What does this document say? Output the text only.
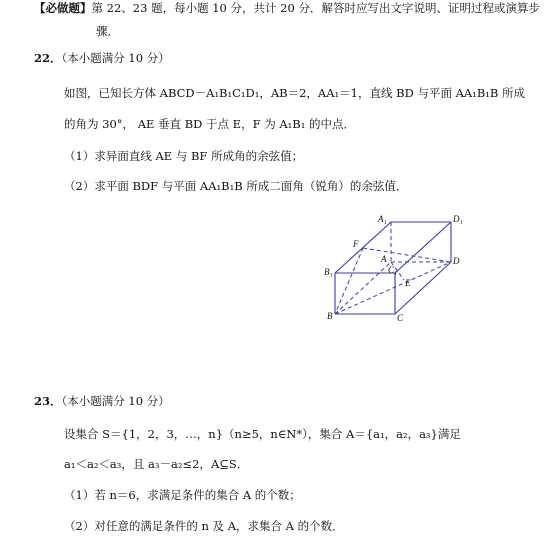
【必做题】第 22、23 题，每小题 10 分，共计 20 分．解答时应写出文字说明、证明过程或演算步
骤．
22．（本小题满分 10 分）
如图，已知长方体 ABCD－A₁B₁C₁D₁，AB＝2，AA₁＝1，直线 BD 与平面 AA₁B₁B 所成
的角为 30°， AE 垂直 BD 于点 E，F 为 A₁B₁ 的中点．
（1）求异面直线 AE 与 BF 所成角的余弦值；
（2）求平面 BDF 与平面 AA₁B₁B 所成二面角（锐角）的余弦值．
A₁	D₁
F
A
C₁
D
B₁
E
B	C
23．（本小题满分 10 分）
设集合 S＝{1，2，3，…，n}（n≥5，n∈N*），集合 A＝{a₁，a₂，a₃}满足
a₁＜a₂＜a₃，且 a₃－a₂≤2，A⊆S．
（1）若 n＝6，求满足条件的集合 A 的个数；
（2）对任意的满足条件的 n 及 A，求集合 A 的个数．
